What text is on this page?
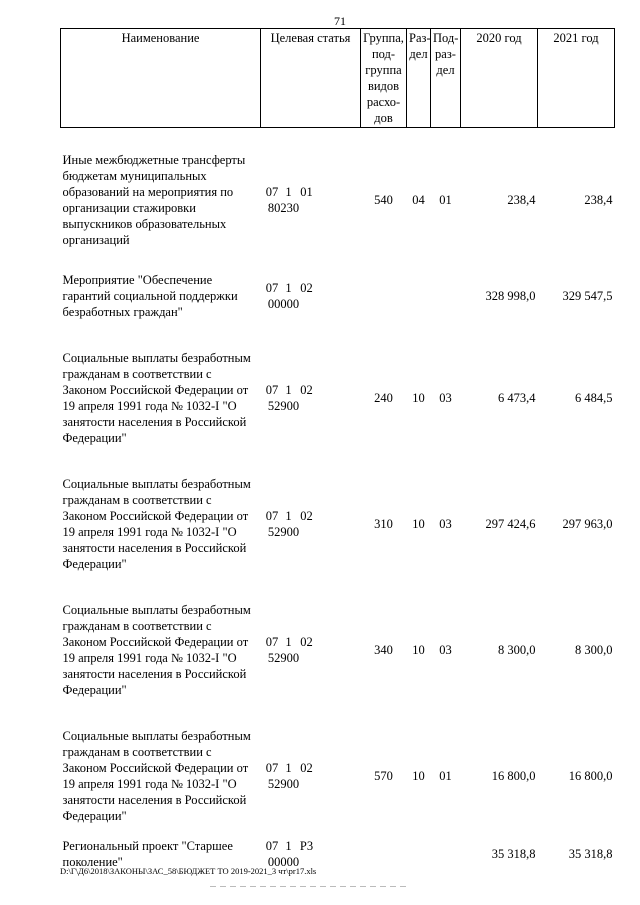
71
Наименование	Целевая статья	Группа, под-группа видов расхо-дов	Раз-дел	Под-раз-дел	2020 год	2021 год

Иные межбюджетные трансферты бюджетам муниципальных образований на мероприятия по организации стажировки выпускников образовательных организаций	07 1 0180230	540	04	01	238,4	238,4

Мероприятие "Обеспечение гарантий социальной поддержки безработных граждан"	07 1 0200000				328 998,0	329 547,5

Социальные выплаты безработным гражданам в соответствии с Законом Российской Федерации от 19 апреля 1991 года № 1032-I "О занятости населения в Российской Федерации"	07 1 0252900	240	10	03	6 473,4	6 484,5

Социальные выплаты безработным гражданам в соответствии с Законом Российской Федерации от 19 апреля 1991 года № 1032-I "О занятости населения в Российской Федерации"	07 1 0252900	310	10	03	297 424,6	297 963,0

Социальные выплаты безработным гражданам в соответствии с Законом Российской Федерации от 19 апреля 1991 года № 1032-I "О занятости населения в Российской Федерации"	07 1 0252900	340	10	03	8 300,0	8 300,0

Социальные выплаты безработным гражданам в соответствии с Законом Российской Федерации от 19 апреля 1991 года № 1032-I "О занятости населения в Российской Федерации"	07 1 0252900	570	10	01	16 800,0	16 800,0

Региональный проект "Старшее поколение"	07 1 P300000				35 318,8	35 318,8
D:\Г\Д6\2018\ЗАКОНЫ\ЗАС_58\БЮДЖЕТ ТО 2019-2021_3 чт\pr17.xls
